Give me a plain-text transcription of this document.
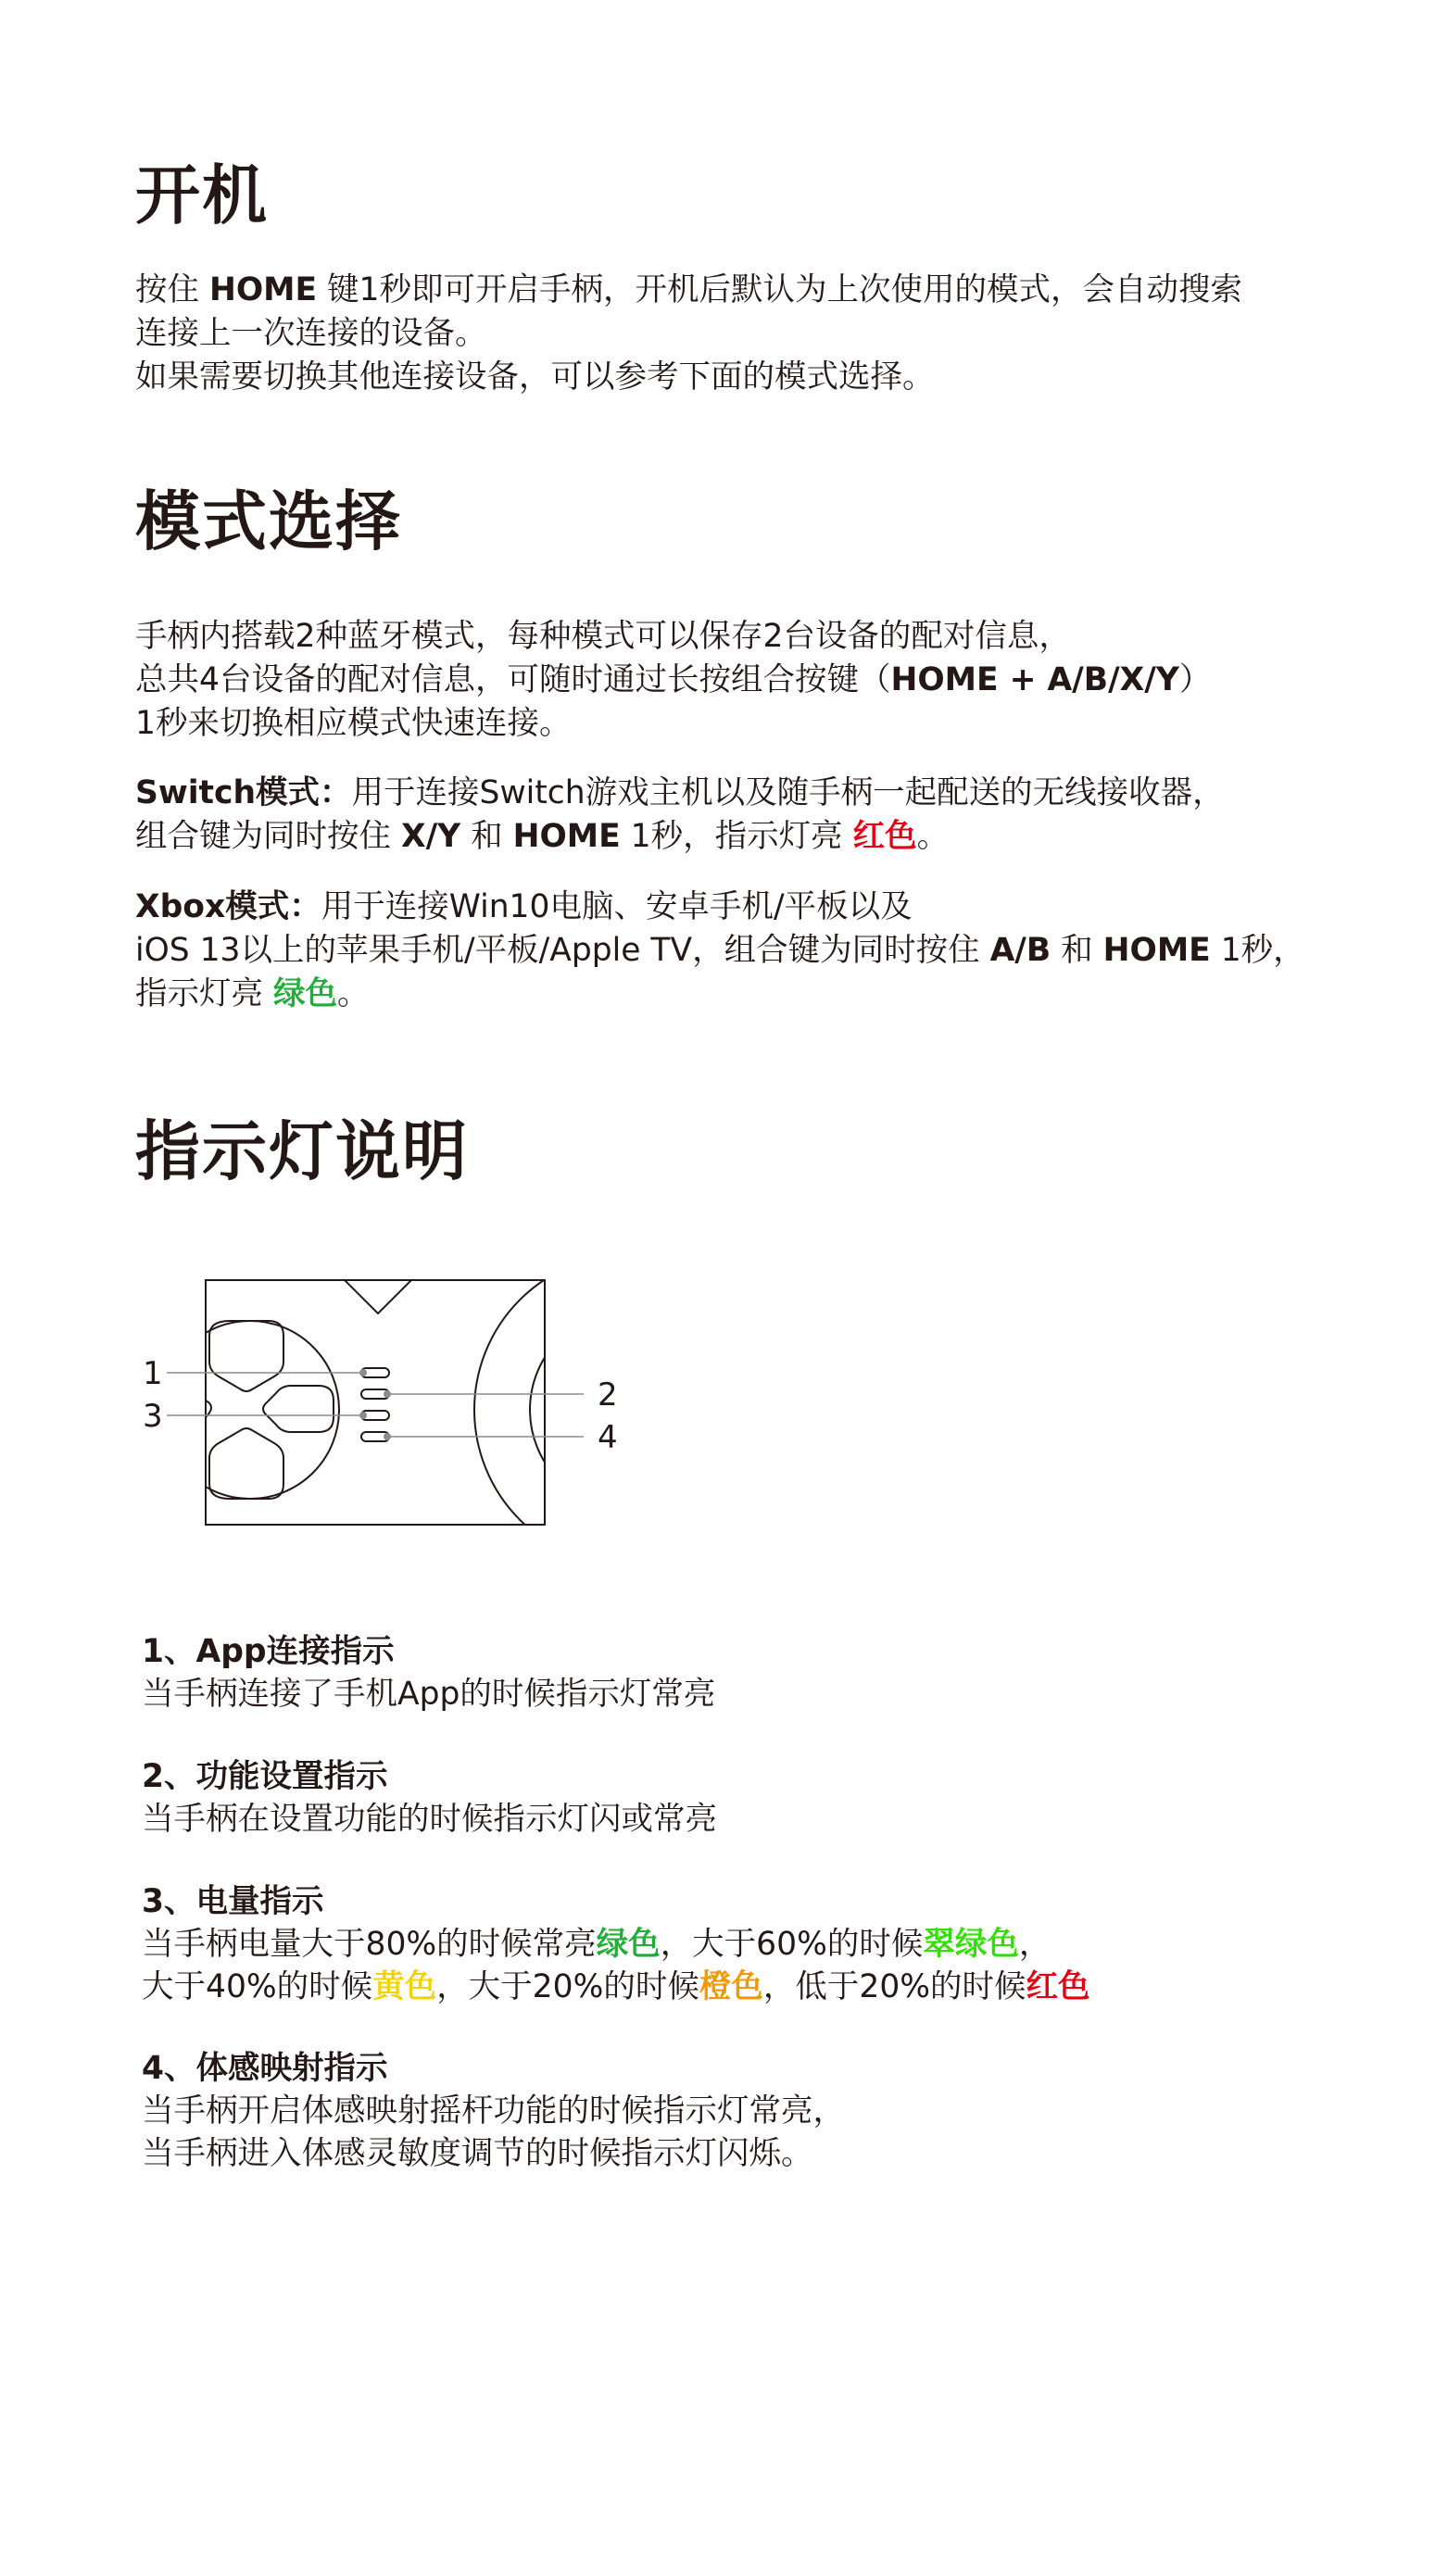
开机

按住 HOME 键1秒即可开启手柄，开机后默认为上次使用的模式，会自动搜索

连接上一次连接的设备。

如果需要切换其他连接设备，可以参考下面的模式选择。

模式选择

手柄内搭载2种蓝牙模式，每种模式可以保存2台设备的配对信息，

总共4台设备的配对信息，可随时通过长按组合按键（HOME + A/B/X/Y）

1秒来切换相应模式快速连接。

Switch模式：用于连接Switch游戏主机以及随手柄一起配送的无线接收器，

组合键为同时按住 X/Y 和 HOME 1秒，指示灯亮 红色。

Xbox模式：用于连接Win10电脑、安卓手机/平板以及

iOS 13以上的苹果手机/平板/Apple TV，组合键为同时按住 A/B 和 HOME 1秒，

指示灯亮 绿色。

指示灯说明
1
3
2
4

1、App连接指示

当手柄连接了手机App的时候指示灯常亮

2、功能设置指示

当手柄在设置功能的时候指示灯闪或常亮

3、电量指示

当手柄电量大于80%的时候常亮绿色，大于60%的时候翠绿色，

大于40%的时候黄色，大于20%的时候橙色，低于20%的时候红色

4、体感映射指示

当手柄开启体感映射摇杆功能的时候指示灯常亮，

当手柄进入体感灵敏度调节的时候指示灯闪烁。
